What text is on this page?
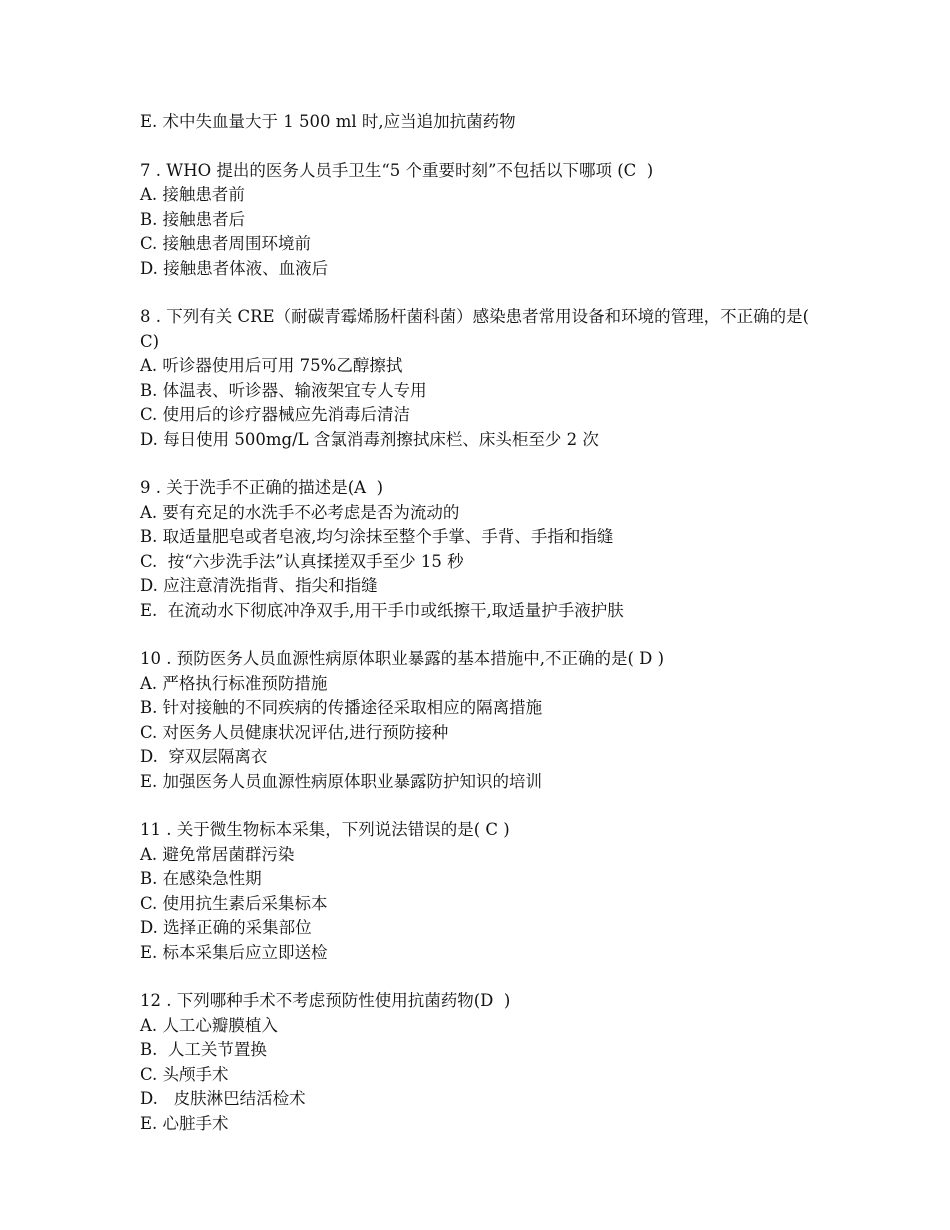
E. 术中失血量大于 1 500 ml 时,应当追加抗菌药物

7 . WHO 提出的医务人员手卫生“5 个重要时刻”不包括以下哪项 (C  )

A. 接触患者前

B. 接触患者后

C. 接触患者周围环境前

D. 接触患者体液、血液后

8 . 下列有关 CRE（耐碳青霉烯肠杆菌科菌）感染患者常用设备和环境的管理，不正确的是(  C)

A. 听诊器使用后可用 75%乙醇擦拭

B. 体温表、听诊器、输液架宜专人专用

C. 使用后的诊疗器械应先消毒后清洁

D. 每日使用 500mg/L 含氯消毒剂擦拭床栏、床头柜至少 2 次

9 . 关于洗手不正确的描述是(A  )

A. 要有充足的水洗手不必考虑是否为流动的

B. 取适量肥皂或者皂液,均匀涂抹至整个手掌、手背、手指和指缝

C.  按“六步洗手法”认真揉搓双手至少 15 秒

D. 应注意清洗指背、指尖和指缝

E.  在流动水下彻底冲净双手,用干手巾或纸擦干,取适量护手液护肤

10 . 预防医务人员血源性病原体职业暴露的基本措施中,不正确的是( D )

A. 严格执行标准预防措施

B. 针对接触的不同疾病的传播途径采取相应的隔离措施

C. 对医务人员健康状况评估,进行预防接种

D.  穿双层隔离衣

E. 加强医务人员血源性病原体职业暴露防护知识的培训

11 . 关于微生物标本采集，下列说法错误的是( C )

A. 避免常居菌群污染

B. 在感染急性期

C. 使用抗生素后采集标本

D. 选择正确的采集部位

E. 标本采集后应立即送检

12 . 下列哪种手术不考虑预防性使用抗菌药物(D  )

A. 人工心瓣膜植入

B.  人工关节置换

C. 头颅手术

D.   皮肤淋巴结活检术

E. 心脏手术
